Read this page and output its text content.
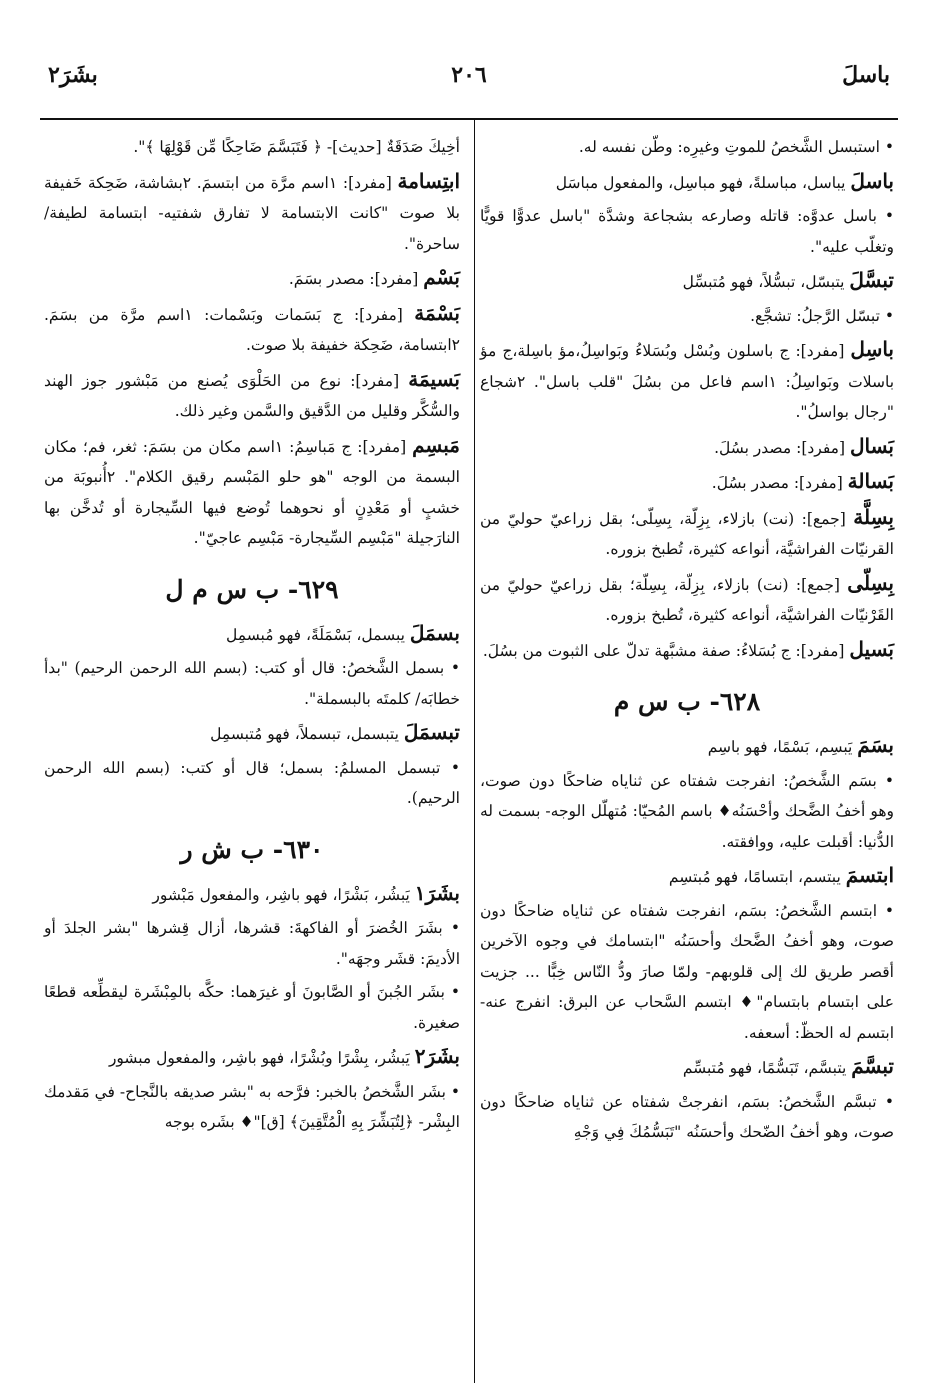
باسلَ
٢٠٦
بشَرَ٢

• استبسل الشَّخصُ للموتِ وغيرِه: وطّن نفسه له.

باسلَ يباسل، مباسلةً، فهو مباسِل، والمفعول مباسَل

• باسل عدوَّه: قاتله وصارعه بشجاعة وشدَّة "باسل عدوًّا قويًّا وتغلّب عليه".

تبسَّلَ يتبسّل، تبسُّلاً، فهو مُتبسِّل

• تبسّل الرَّجلُ: تشجَّع.

باسِل [مفرد]: ج باسلون وبُسْل وبُسَلاءُ وبَواسِلُ،مؤ باسِلة،ج مؤ باسلات وبَواسِلُ: ١اسم فاعل من بسُلَ "قلب باسل". ٢شجاع "رجال بواسلُ".

بَسال [مفرد]: مصدر بسُلَ.

بَسالة [مفرد]: مصدر بسُلَ.

بِسِلَّة [جمع]: (نت) بازلاء، بِزِلّة، بِسِلّى؛ بقل زراعيّ حوليّ من القرنيّات الفراشيَّة، أنواعه كثيرة، تُطبخ بزوره.

بِسِلّى [جمع]: (نت) بازلاء، بِزِلّة، بِسِلّة؛ بقل زراعيّ حوليّ من القَرْنيّات الفراشيَّة، أنواعه كثيرة، تُطبخ بزوره.

بَسيل [مفرد]: ج بُسَلاءُ: صفة مشبَّهة تدلّ على الثبوت من بسُلَ.

٦٢٨- ب س م

بسَمَ يَبسِم، بَسْمًا، فهو باسِم

• بسَم الشَّخصُ: انفرجت شفتاه عن ثناياه ضاحكًا دون صوت، وهو أخفُ الضَّحك وأحْسَنُه♦ باسم المُحيّا: مُتهلّل الوجه- بسمت له الدُّنيا: أقبلت عليه، ووافقته.

ابتسمَ يبتسم، ابتسامًا، فهو مُبتسِم

• ابتسم الشَّخصُ: بسَم، انفرجت شفتاه عن ثناياه ضاحكًا دون صوت، وهو أخفُ الضَّحك وأحسَنُه "ابتسامك في وجوه الآخرين أقصر طريق لك إلى قلوبهم- ولمّا صارَ ودُّ النّاس خِبًّا ... جزيت على ابتسام بابتسام"♦ ابتسم السَّحاب عن البرق: انفرج عنه- ابتسم له الحظّ: أسعفه.

تبسَّمَ يتبسَّم، تَبَسُّمًا، فهو مُتبسِّم

• تبسَّم الشَّخصُ: بسَم، انفرجتْ شفتاه عن ثناياه ضاحكًا دون صوت، وهو أخفُ الضّحك وأحسَنُه "تَبَسُّمُكَ فِي وَجْهِ

أخِيكَ صَدَقَةٌ [حديث]- ﴿ فَتَبَسَّمَ ضَاحِكًا مِّن قَوْلِهَا ﴾".

ابتِسامة [مفرد]: ١اسم مرَّة من ابتسمَ. ٢بشاشة، ضَحِكة خَفيفة بلا صوت "كانت الابتسامة لا تفارق شفتيه- ابتسامة لطيفة/ ساحرة".

بَسْم [مفرد]: مصدر بسَمَ.

بَسْمَة [مفرد]: ج بَسَمات وبَسْمات: ١اسم مرَّة من بسَمَ. ٢ابتسامة، ضَحِكة خفيفة بلا صوت.

بَسيمَة [مفرد]: نوع من الحَلْوَى يُصنع من مَبْشور جوز الهند والسُّكَّر وقليل من الدَّقيق والسَّمن وغير ذلك.

مَبسِم [مفرد]: ج مَباسِمُ: ١اسم مكان من بسَمَ: ثغر، فم؛ مكان البسمة من الوجه "هو حلو المَبْسم رقيق الكلام". ٢أُنبوبَة من خشبٍ أو مَعْدِنٍ أو نحوهما تُوضع فيها السِّيجارة أو تُدخَّن بها النارَجيلة "مَبْسِم السِّيجارة- مَبْسِم عاجيّ".

٦٢٩- ب س م ل

بسمَلَ يبسمل، بَسْمَلَةً، فهو مُبسمِل

• بسمل الشَّخصُ: قال أو كتب: (بسم الله الرحمن الرحيم) "بدأ خطابَه/ كلمتَه بالبسملة".

تبسمَلَ يتبسمل، تبسملاً، فهو مُتبسمِل

• تبسمل المسلمُ: بسمل؛ قال أو كتب: (بسم الله الرحمن الرحيم).

٦٣٠- ب ش ر

بشَرَ١ يَبشُر، بَشْرًا، فهو باشِر، والمفعول مَبْشور

• بشَرَ الخُضرَ أو الفاكهةَ: قشرها، أزال قِشرها "بشر الجلدَ أو الأديمَ: قشَر وجهَه".

• بشَر الجُبنَ أو الصَّابونَ أو غيرَهما: حكَّه بالمِبْشَرة ليقطِّعه قطعًا صغيرة.

بشَرَ٢ يَبشُر، بِشْرًا وبُشْرًا، فهو باشِر، والمفعول مبشور

• بشَر الشَّخصُ بالخبر: فرَّحه به "بشر صديقه بالنَّجاح- في مَقدمك البِشْر- ﴿لِتُبَشِّرَ بِهِ الْمُتَّقِينَ﴾ [ق]"♦ بشَره بوجه
